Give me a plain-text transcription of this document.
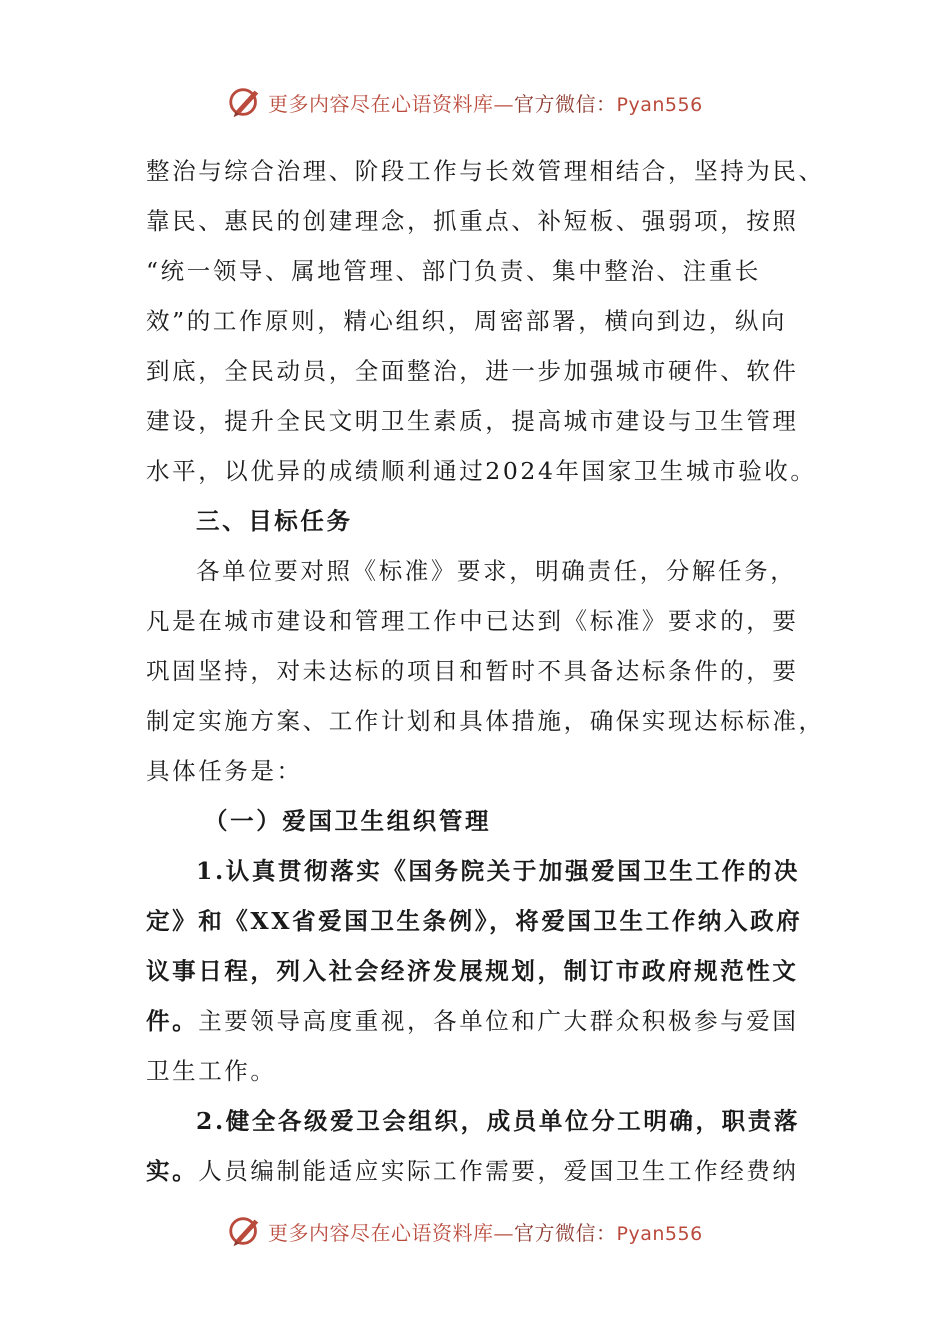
更多内容尽在心语资料库—官方微信：Pyan556
整治与综合治理、阶段工作与长效管理相结合，坚持为民、
靠民、惠民的创建理念，抓重点、补短板、强弱项，按照
“统一领导、属地管理、部门负责、集中整治、注重长
效”的工作原则，精心组织，周密部署，横向到边，纵向
到底，全民动员，全面整治，进一步加强城市硬件、软件
建设，提升全民文明卫生素质，提高城市建设与卫生管理
水平，以优异的成绩顺利通过2024年国家卫生城市验收。
三、目标任务
各单位要对照《标准》要求，明确责任，分解任务，
凡是在城市建设和管理工作中已达到《标准》要求的，要
巩固坚持，对未达标的项目和暂时不具备达标条件的，要
制定实施方案、工作计划和具体措施，确保实现达标标准，
具体任务是：
（一）爱国卫生组织管理
1.认真贯彻落实《国务院关于加强爱国卫生工作的决
定》和《XX省爱国卫生条例》，将爱国卫生工作纳入政府
议事日程，列入社会经济发展规划，制订市政府规范性文
件。主要领导高度重视，各单位和广大群众积极参与爱国
卫生工作。
2.健全各级爱卫会组织，成员单位分工明确，职责落
实。人员编制能适应实际工作需要，爱国卫生工作经费纳
更多内容尽在心语资料库—官方微信：Pyan556
